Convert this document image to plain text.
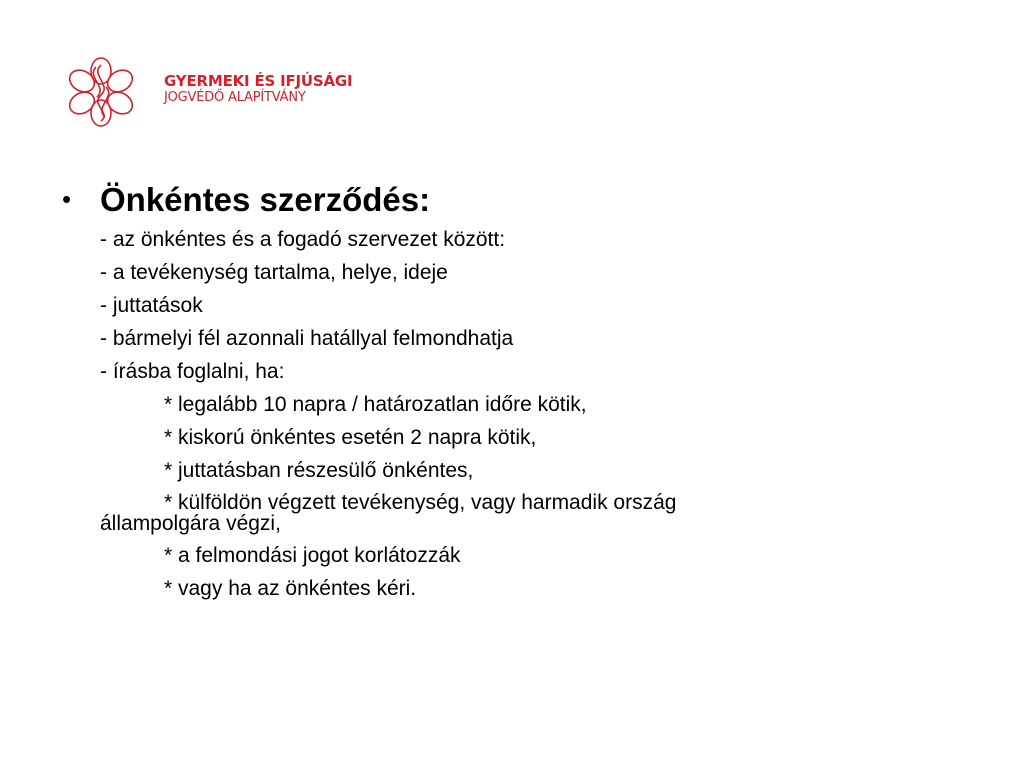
GYERMEKI ÉS IFJÚSÁGI
JOGVÉDŐ ALAPÍTVÁNY
• Önkéntes szerződés:
- az önkéntes és a fogadó szervezet között:
- a tevékenység tartalma, helye, ideje
- juttatások
- bármelyi fél azonnali hatállyal felmondhatja
- írásba foglalni, ha:
* legalább 10 napra / határozatlan időre kötik,
* kiskorú önkéntes esetén 2 napra kötik,
* juttatásban részesülő önkéntes,
* külföldön végzett tevékenység, vagy harmadik ország
állampolgára végzi,
* a felmondási jogot korlátozzák
* vagy ha az önkéntes kéri.
